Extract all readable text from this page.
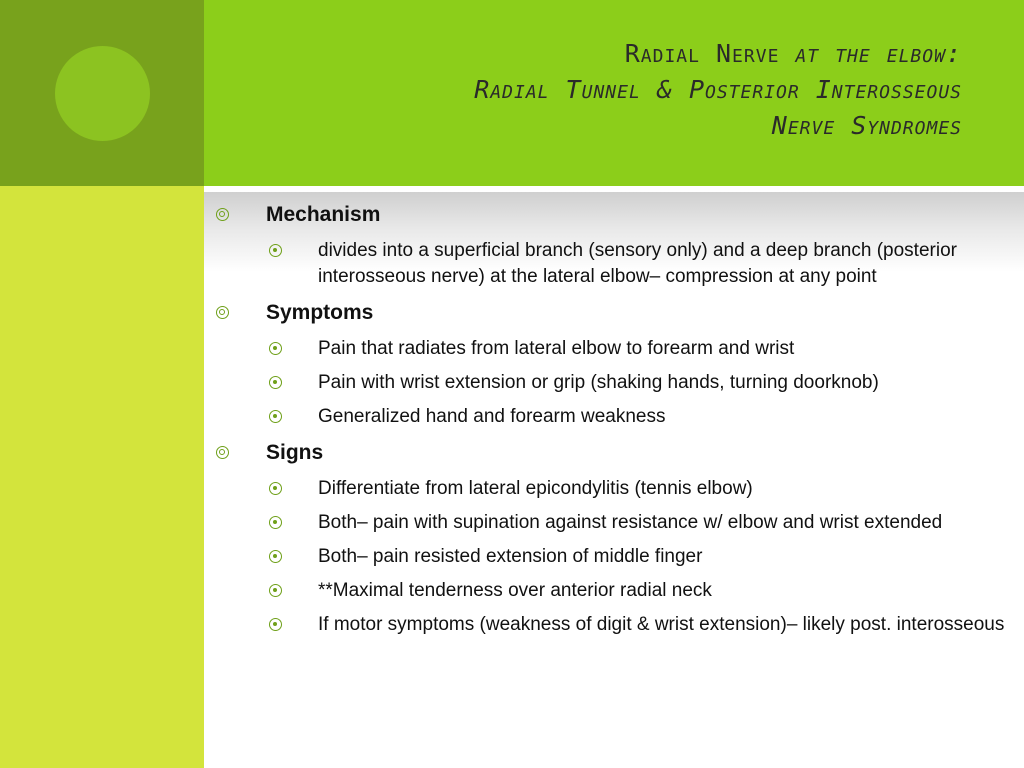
Radial Nerve at the elbow:
Radial Tunnel & Posterior Interosseous
Nerve Syndromes
Mechanism
divides into a superficial branch (sensory only) and a deep branch (posterior interosseous nerve) at the lateral elbow– compression at any point
Symptoms
Pain that radiates from lateral elbow to forearm and wrist
Pain with wrist extension or grip (shaking hands, turning doorknob)
Generalized hand and forearm weakness
Signs
Differentiate from lateral epicondylitis (tennis elbow)
Both– pain with supination against resistance w/ elbow and wrist extended
Both– pain resisted extension of middle finger
**Maximal tenderness over anterior radial neck
If motor symptoms (weakness of digit & wrist extension)– likely post. interosseous
